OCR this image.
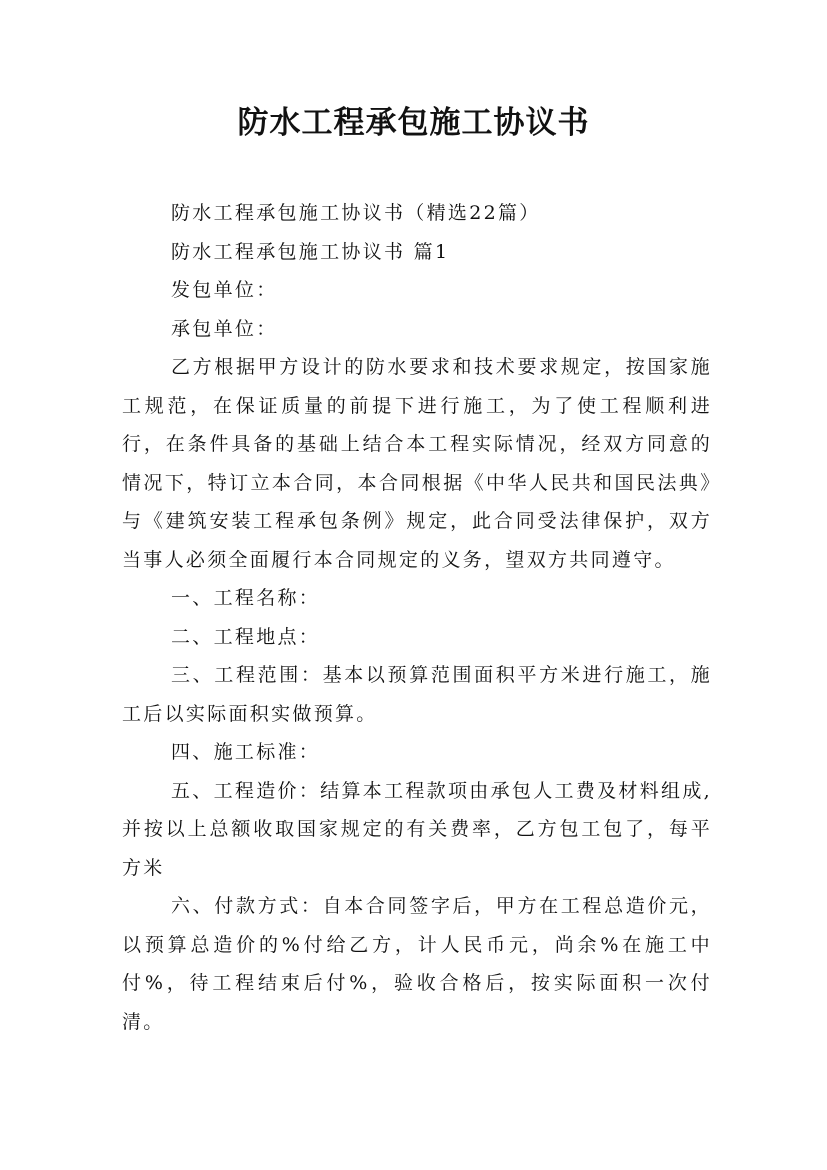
防水工程承包施工协议书

防水工程承包施工协议书（精选22篇）

防水工程承包施工协议书 篇1

发包单位：

承包单位：

乙方根据甲方设计的防水要求和技术要求规定，按国家施工规范，在保证质量的前提下进行施工，为了使工程顺利进行，在条件具备的基础上结合本工程实际情况，经双方同意的情况下，特订立本合同，本合同根据《中华人民共和国民法典》与《建筑安装工程承包条例》规定，此合同受法律保护，双方当事人必须全面履行本合同规定的义务，望双方共同遵守。

一、工程名称：

二、工程地点：

三、工程范围：基本以预算范围面积平方米进行施工，施工后以实际面积实做预算。

四、施工标准：

五、工程造价：结算本工程款项由承包人工费及材料组成,并按以上总额收取国家规定的有关费率，乙方包工包了，每平方米

六、付款方式：自本合同签字后，甲方在工程总造价元，以预算总造价的%付给乙方，计人民币元，尚余%在施工中付%，待工程结束后付%，验收合格后，按实际面积一次付清。
